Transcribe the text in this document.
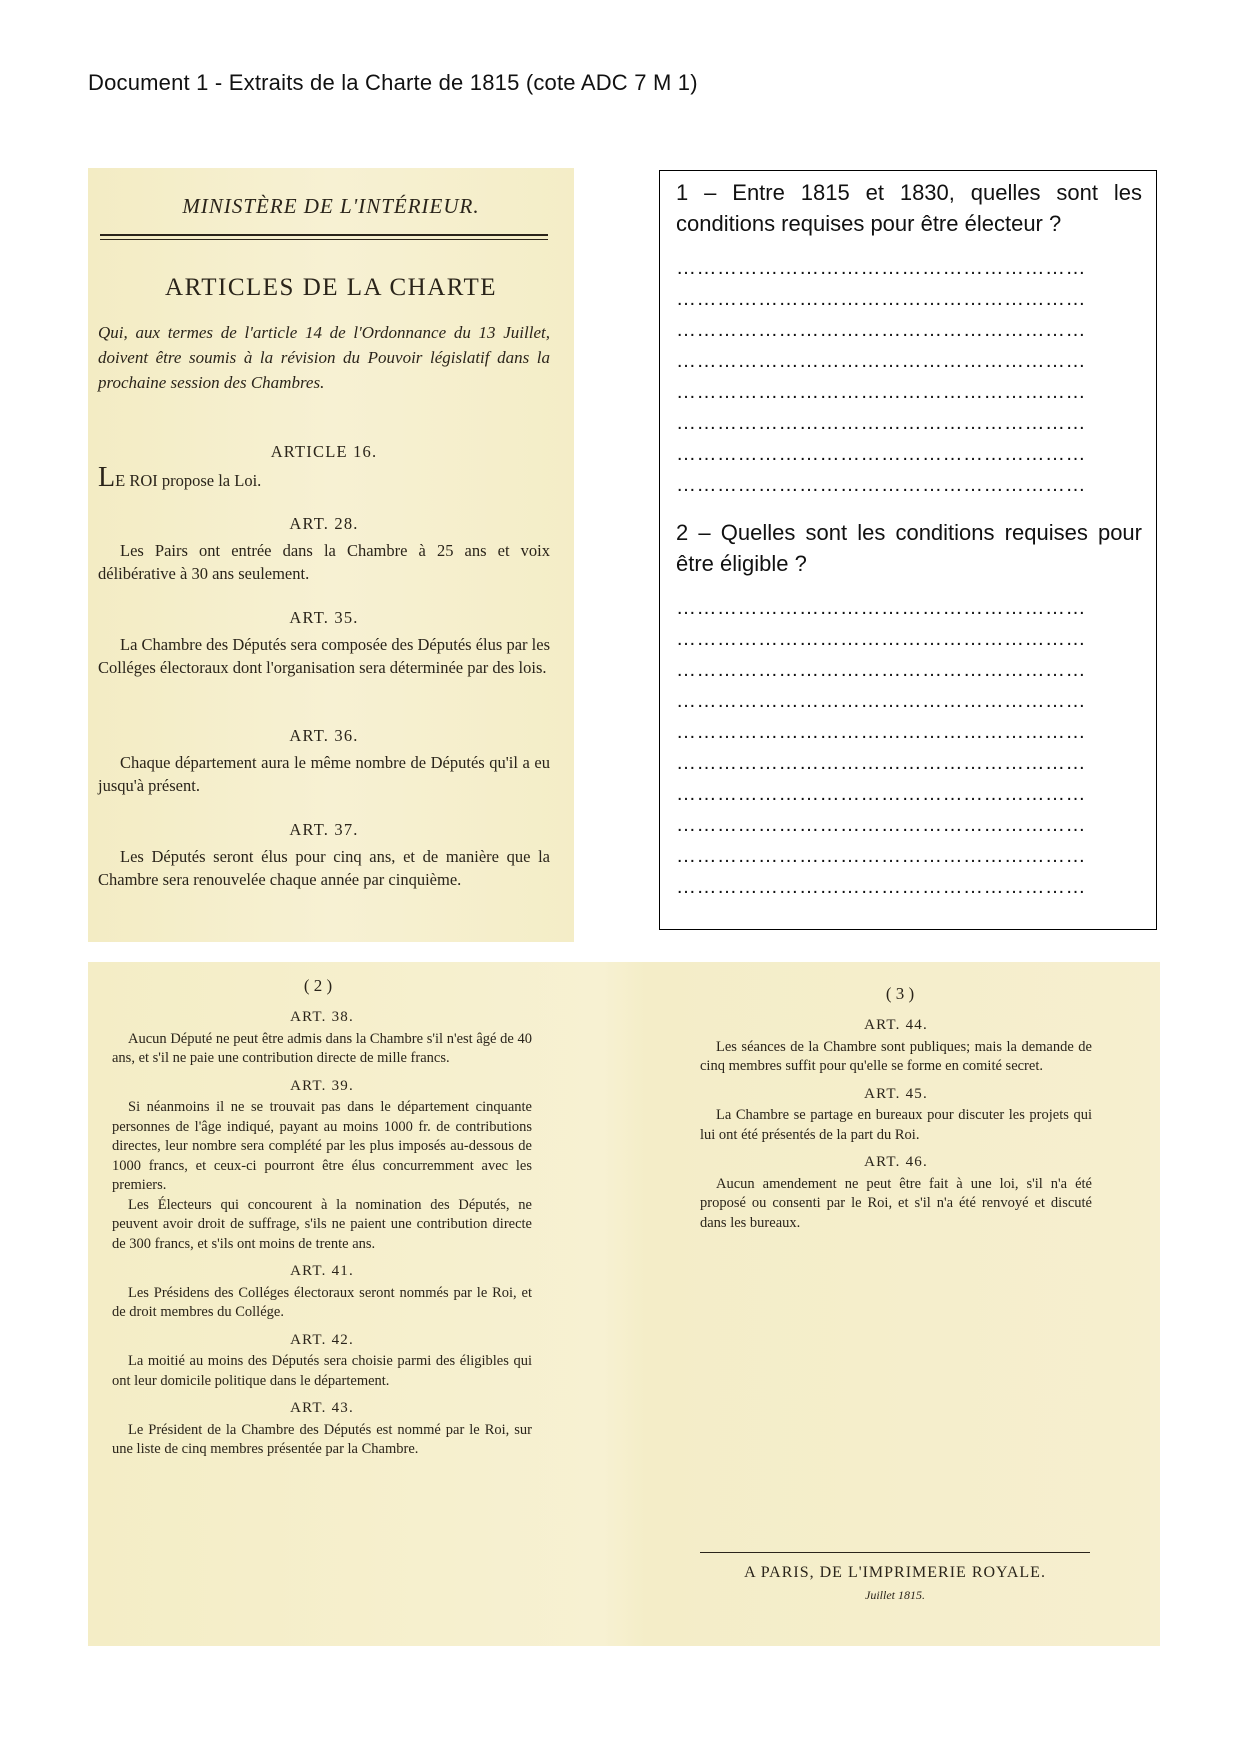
Document 1 - Extraits de la Charte de 1815 (cote ADC 7 M 1)
MINISTÈRE DE L'INTÉRIEUR.
ARTICLES DE LA CHARTE
Qui, aux termes de l'article 14 de l'Ordonnance du 13 Juillet, doivent être soumis à la révision du Pouvoir législatif dans la prochaine session des Chambres.
ARTICLE 16.
LE ROI propose la Loi.
ART. 28.
Les Pairs ont entrée dans la Chambre à 25 ans et voix délibérative à 30 ans seulement.
ART. 35.
La Chambre des Députés sera composée des Députés élus par les Colléges électoraux dont l'organisation sera déterminée par des lois.
ART. 36.
Chaque département aura le même nombre de Députés qu'il a eu jusqu'à présent.
ART. 37.
Les Députés seront élus pour cinq ans, et de manière que la Chambre sera renouvelée chaque année par cinquième.

1 – Entre 1815 et 1830, quelles sont les conditions requises pour être électeur ?

……………………………………………………
……………………………………………………
……………………………………………………
……………………………………………………
……………………………………………………
……………………………………………………
……………………………………………………
……………………………………………………

2 – Quelles sont les conditions requises pour être éligible ?

……………………………………………………
……………………………………………………
……………………………………………………
……………………………………………………
……………………………………………………
……………………………………………………
……………………………………………………
……………………………………………………
……………………………………………………
……………………………………………………
( 2 )
ART. 38.
Aucun Député ne peut être admis dans la Chambre s'il n'est âgé de 40 ans, et s'il ne paie une contribution directe de mille francs.
ART. 39.
Si néanmoins il ne se trouvait pas dans le département cinquante personnes de l'âge indiqué, payant au moins 1000 fr. de contributions directes, leur nombre sera complété par les plus imposés au-dessous de 1000 francs, et ceux-ci pourront être élus concurremment avec les premiers.
Les Électeurs qui concourent à la nomination des Députés, ne peuvent avoir droit de suffrage, s'ils ne paient une contribution directe de 300 francs, et s'ils ont moins de trente ans.
ART. 41.
Les Présidens des Colléges électoraux seront nommés par le Roi, et de droit membres du Collége.
ART. 42.
La moitié au moins des Députés sera choisie parmi des éligibles qui ont leur domicile politique dans le département.
ART. 43.
Le Président de la Chambre des Députés est nommé par le Roi, sur une liste de cinq membres présentée par la Chambre.
( 3 )
ART. 44.
Les séances de la Chambre sont publiques; mais la demande de cinq membres suffit pour qu'elle se forme en comité secret.
ART. 45.
La Chambre se partage en bureaux pour discuter les projets qui lui ont été présentés de la part du Roi.
ART. 46.
Aucun amendement ne peut être fait à une loi, s'il n'a été proposé ou consenti par le Roi, et s'il n'a été renvoyé et discuté dans les bureaux.
A PARIS, DE L'IMPRIMERIE ROYALE.
Juillet 1815.
